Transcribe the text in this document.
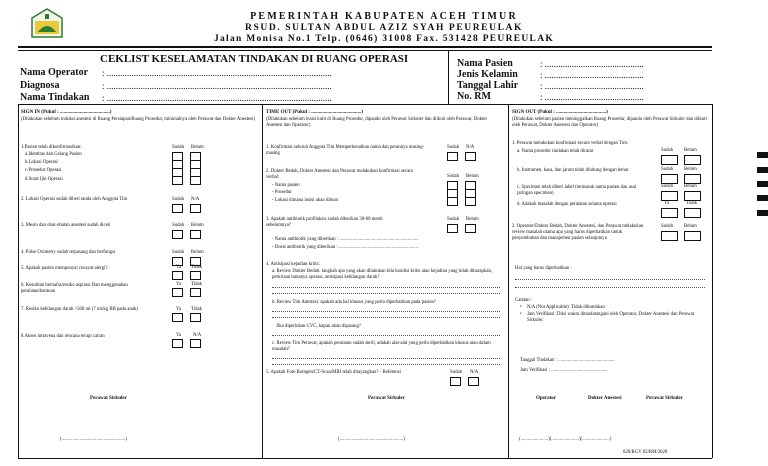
PEMERINTAH KABUPATEN ACEH TIMUR
RSUD. SULTAN ABDUL AZIZ SYAH PEUREULAK
Jalan Monisa No.1 Telp. (0646) 31008 Fax. 531428 PEUREULAK
CEKLIST KESELAMATAN TINDAKAN DI RUANG OPERASI
Nama Operator : ....................................................................................................
Diagnosa	: ....................................................................................................
Nama Tindakan : ....................................................................................................
Nama Pasien	: ............................................
Jenis Kelamin : ............................................
Tanggal Lahir : ............................................
No. RM	: ............................................
SIGN IN (Pukul : ........................................)
(Dilakukan sebelum induksi anestesi di Ruang Persiapan/Ruang Prosedur, minimalnya oleh Perawat dan Dokter Anestesi)
1.Pasien telah dikonfirmasikan:	Sudah Belum
a.Identitas dan Gelang Pasien
b.Lokasi Operasi
c.Prosedur Operasi
d.Surat Ijin Operasi
2. Lokasi Operasi sudah diberi tanda oleh Anggota Tim	Sudah N/A
3. Mesin dan obat-obatan anestesi sudah dicek	Sudah Belum
4. Pulse Oximetry sudah terpasang dan berfungsi	Sudah Belum
5. Apakah pasien mempunyai riwayat alergi?	Ya Tidak
6. Kesulitan bernafas/resiko aspirasi Dan menggunakan peralatan/bantuan
Ya Tidak
7. Resiko kehilangan darah >500 ml (7 ml/kg BB pada anak)	Ya Tidak
8.Akses intravena dan rencana terapi cairan	Ya N/A
Perawat Sirkuler
(.....................................................)
TIME OUT (Pukul : ........................................)
(Dilakukan sebelum insisi kulit di Ruang Prosedur, dipandu oleh Perawat Sirkuler dan diikuti oleh Perawat, Dokter Anestesi dan Operator)
1. Konfirmasi seluruh Anggota Tim Memperkenalkan nama dan perannya masing-masing
Sudah N/A
2. Dokter Bedah, Dokter Anestesi dan Perawat melakukan konfirmasi secara verbal:	Sudah Belum
- Nama pasien
- Prosedur
- Lokasi dimana insisi akan dibuat
3. Apakah antibiotik profilaksis sudah diberikan 30-60 menit sebelumnya?
Sudah Belum
- Nama antibiotik yang diberikan : ..................................................................
- Dosis antibiotik yang diberikan : ..................................................................
4. Antisipasi kejadian kritis:
a. Review Dokter Bedah: langkah apa yang akan dilakukan bila kondisi kritis atau kejadian yang tidak diharapkan, perkiraan lamanya operasi, antisipasi kehilangan darah?
b. Review Tim Anestesi: apakah ada hal khusus yang perlu diperhatikan pada pasien?
Jika diperlukan CVC, kapan akan dipasang?
c. Review Tim Perawat, apakah peralatan sudah steril, adakah alat-alat yang perlu diperhatikan khusus atau dalam masalah?
5. Apakah Foto Rontgen/CT-Scan/MRI telah ditayangkan? - Referensi	Sudah N/A
Perawat Sirkuler
(.....................................................)
SIGN OUT (Pukul : ........................................)
(Dilakukan sebelum pasien meninggalkan Ruang Prosedur, dipandu oleh Perawat Sirkuler dan diikuti oleh Perawat, Dokter Anestesi dan Operator)
1. Perawat melakukan konfirmasi secara verbal dengan Tim:
a. Nama prosedur tindakan telah dicatat	Sudah Belum
b. Instrumen, kasa, dan jarum telah dihitung dengan benar	Sudah Belum
c. Specimen telah diberi label (termasuk nama pasien dan asal jaringan specimen)
Sudah Belum
d. Adakah masalah dengan peralatan selama operasi	Ya	Tidak
2. Operator/Dokter Bedah, Dokter Anestesi, dan Perawat melakukan review masalah utama apa yang harus diperhatikan untuk penyembuhan dan manajemen pasien selanjutnya
Sudah Belum
Hal yang harus diperhatikan :
Catatan :
• N/A (Not Applicable): Tidak dibutuhkan
• Jam Verifikasi: Diisi waktu ditandatangani oleh Operator, Dokter Anestesi dan Perawat Sirkuler.
Tanggal Tindakan : ...............................................
Jam Verifikasi : ...............................................
Operator	Dokter Anestesi	Perawat Sirkuler
(.......................)(.......................)(.......................)
028/RGV 02/RM/2020
